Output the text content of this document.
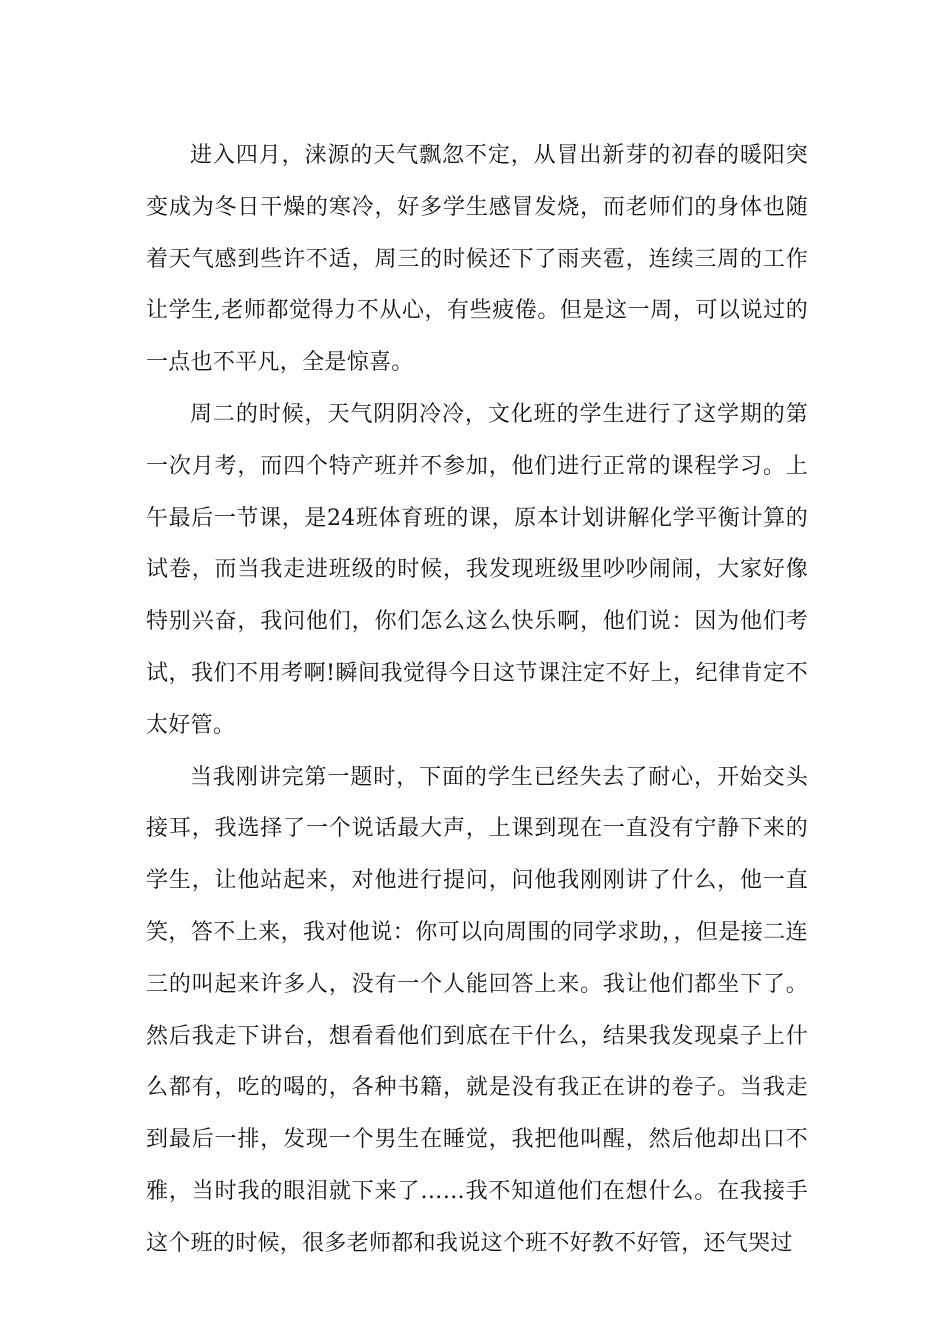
进入四月，涞源的天气飘忽不定，从冒出新芽的初春的暖阳突变成为冬日干燥的寒冷，好多学生感冒发烧，而老师们的身体也随着天气感到些许不适，周三的时候还下了雨夹雹，连续三周的工作让学生,老师都觉得力不从心，有些疲倦。但是这一周，可以说过的一点也不平凡，全是惊喜。

周二的时候，天气阴阴冷冷，文化班的学生进行了这学期的第一次月考，而四个特产班并不参加，他们进行正常的课程学习。上午最后一节课，是24班体育班的课，原本计划讲解化学平衡计算的试卷，而当我走进班级的时候，我发现班级里吵吵闹闹，大家好像特别兴奋，我问他们，你们怎么这么快乐啊，他们说：因为他们考试，我们不用考啊!瞬间我觉得今日这节课注定不好上，纪律肯定不太好管。

当我刚讲完第一题时，下面的学生已经失去了耐心，开始交头接耳，我选择了一个说话最大声，上课到现在一直没有宁静下来的学生，让他站起来，对他进行提问，问他我刚刚讲了什么，他一直笑，答不上来，我对他说：你可以向周围的同学求助，，但是接二连三的叫起来许多人，没有一个人能回答上来。我让他们都坐下了。然后我走下讲台，想看看他们到底在干什么，结果我发现桌子上什么都有，吃的喝的，各种书籍，就是没有我正在讲的卷子。当我走到最后一排，发现一个男生在睡觉，我把他叫醒，然后他却出口不雅，当时我的眼泪就下来了……我不知道他们在想什么。在我接手这个班的时候，很多老师都和我说这个班不好教不好管，还气哭过
